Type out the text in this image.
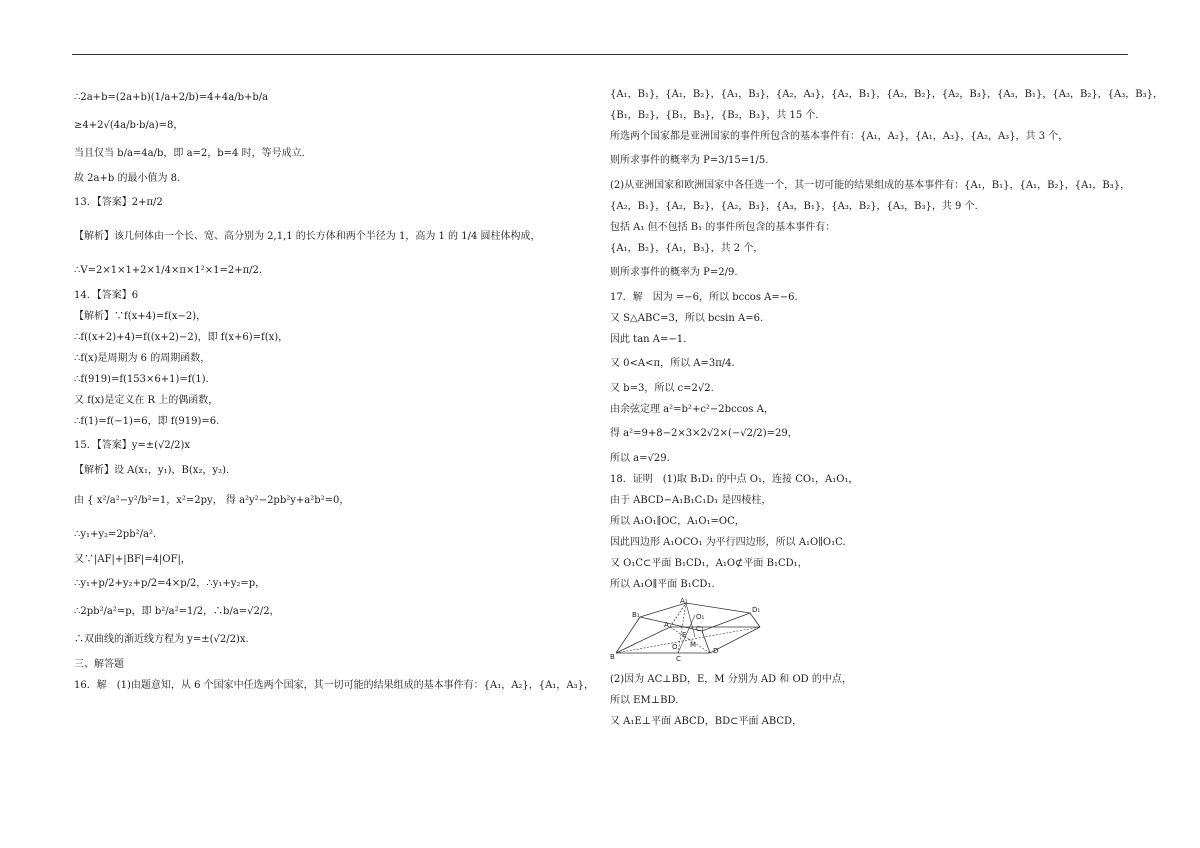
∴2a+b=(2a+b)(1/a+2/b)=4+4a/b+b/a

≥4+2√(4a/b·b/a)=8，

当且仅当 b/a=4a/b，即 a=2，b=4 时，等号成立．

故 2a+b 的最小值为 8.

13．【答案】2+π/2

【解析】该几何体由一个长、宽、高分别为 2,1,1 的长方体和两个半径为 1，高为 1 的 1/4 圆柱体构成，

∴V=2×1×1+2×1/4×π×1²×1=2+π/2.

14．【答案】6

【解析】∵f(x+4)=f(x−2)，

∴f((x+2)+4)=f((x+2)−2)，即 f(x+6)=f(x)，

∴f(x)是周期为 6 的周期函数，

∴f(919)=f(153×6+1)=f(1)．

又 f(x)是定义在 R 上的偶函数，

∴f(1)=f(−1)=6，即 f(919)=6.

15．【答案】y=±(√2/2)x

【解析】设 A(x₁，y₁)，B(x₂，y₂)．

由 { x²/a²−y²/b²=1，x²=2py， 得 a²y²−2pb²y+a²b²=0，

∴y₁+y₂=2pb²/a².

又∵|AF|+|BF|=4|OF|，

∴y₁+p/2+y₂+p/2=4×p/2，∴y₁+y₂=p，

∴2pb²/a²=p，即 b²/a²=1/2，∴b/a=√2/2，

∴双曲线的渐近线方程为 y=±(√2/2)x.

三、解答题

16．解　(1)由题意知，从 6 个国家中任选两个国家，其一切可能的结果组成的基本事件有：{A₁，A₂}，{A₁，A₃}，

{A₁，B₁}，{A₁，B₂}，{A₁，B₃}，{A₂，A₃}，{A₂，B₁}，{A₂，B₂}，{A₂，B₃}，{A₃，B₁}，{A₃，B₂}，{A₃，B₃}，

{B₁，B₂}，{B₁，B₃}，{B₂，B₃}，共 15 个．

所选两个国家都是亚洲国家的事件所包含的基本事件有：{A₁，A₂}，{A₁，A₃}，{A₂，A₃}，共 3 个，

则所求事件的概率为 P=3/15=1/5.

(2)从亚洲国家和欧洲国家中各任选一个，其一切可能的结果组成的基本事件有：{A₁，B₁}，{A₁，B₂}，{A₁，B₃}，

{A₂，B₁}，{A₂，B₂}，{A₂，B₃}，{A₃，B₁}，{A₃，B₂}，{A₃，B₃}，共 9 个．

包括 A₁ 但不包括 B₁ 的事件所包含的基本事件有：

{A₁，B₂}，{A₁，B₃}，共 2 个，

则所求事件的概率为 P=2/9.

17．解　因为 =−6，所以 bccos A=−6.

又 S△ABC=3，所以 bcsin A=6.

因此 tan A=−1.

又 0<A<π，所以 A=3π/4.

又 b=3，所以 c=2√2.

由余弦定理 a²=b²+c²−2bccos A，

得 a²=9+8−2×3×2√2×(−√2/2)=29，

所以 a=√29.

18．证明　(1)取 B₁D₁ 的中点 O₁，连接 CO₁，A₁O₁，

由于 ABCD−A₁B₁C₁D₁ 是四棱柱，

所以 A₁O₁∥OC，A₁O₁=OC，

因此四边形 A₁OCO₁ 为平行四边形，所以 A₁O∥O₁C.

又 O₁C⊂平面 B₁CD₁，A₁O⊄平面 B₁CD₁，

所以 A₁O∥平面 B₁CD₁.

A₁
B₁
C₁
D₁
O₁
A
B	C
D
E
O M

(2)因为 AC⊥BD，E，M 分别为 AD 和 OD 的中点，

所以 EM⊥BD.

又 A₁E⊥平面 ABCD，BD⊂平面 ABCD，
